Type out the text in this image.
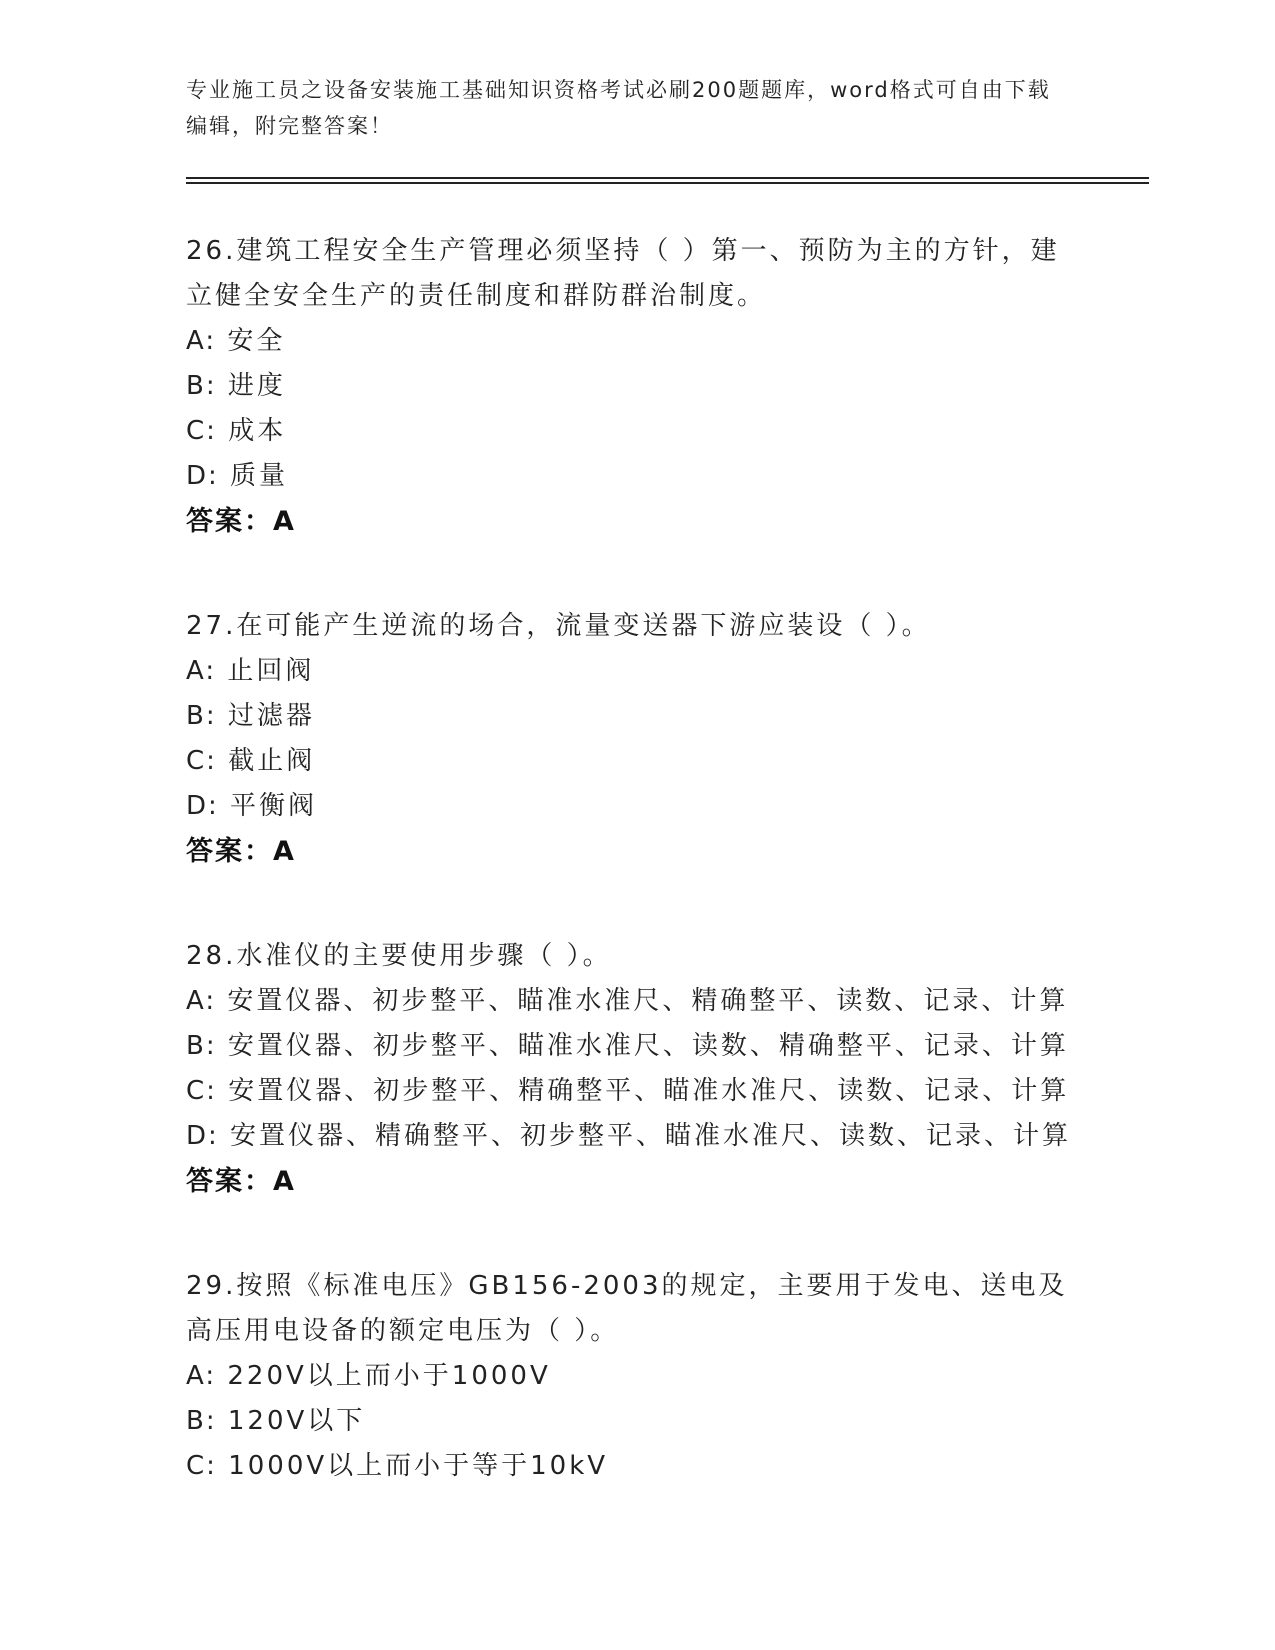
专业施工员之设备安装施工基础知识资格考试必刷200题题库，word格式可自由下载编辑，附完整答案！
26.建筑工程安全生产管理必须坚持（ ）第一、预防为主的方针，建立健全安全生产的责任制度和群防群治制度。
A: 安全
B: 进度
C: 成本
D: 质量
答案：A
27.在可能产生逆流的场合，流量变送器下游应装设（ ）。
A: 止回阀
B: 过滤器
C: 截止阀
D: 平衡阀
答案：A
28.水准仪的主要使用步骤（ ）。
A: 安置仪器、初步整平、瞄准水准尺、精确整平、读数、记录、计算
B: 安置仪器、初步整平、瞄准水准尺、读数、精确整平、记录、计算
C: 安置仪器、初步整平、精确整平、瞄准水准尺、读数、记录、计算
D: 安置仪器、精确整平、初步整平、瞄准水准尺、读数、记录、计算
答案：A
29.按照《标准电压》GB156-2003的规定，主要用于发电、送电及高压用电设备的额定电压为（ ）。
A: 220V以上而小于1000V
B: 120V以下
C: 1000V以上而小于等于10kV
